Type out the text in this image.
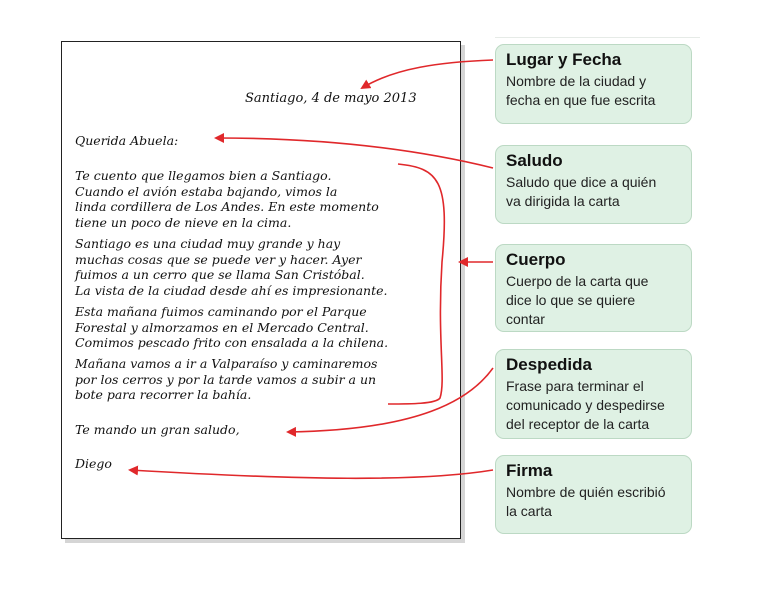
Santiago, 4 de mayo 2013
Querida Abuela:
Te cuento que llegamos bien a Santiago.
Cuando el avión estaba bajando, vimos la
linda cordillera de Los Andes. En este momento
tiene un poco de nieve en la cima.
Santiago es una ciudad muy grande y hay
muchas cosas que se puede ver y hacer. Ayer
fuimos a un cerro que se llama San Cristóbal.
La vista de la ciudad desde ahí es impresionante.
Esta mañana fuimos caminando por el Parque
Forestal y almorzamos en el Mercado Central.
Comimos pescado frito con ensalada a la chilena.
Mañana vamos a ir a Valparaíso y caminaremos
por los cerros y por la tarde vamos a subir a un
bote para recorrer la bahía.
Te mando un gran saludo,
Diego
Lugar y Fecha
Nombre de la ciudad y
fecha en que fue escrita
Saludo
Saludo que dice a quién
va dirigida la carta
Cuerpo
Cuerpo de la carta que
dice lo que se quiere
contar
Despedida
Frase para terminar el
comunicado y despedirse
del receptor de la carta
Firma
Nombre de quién escribió
la carta
